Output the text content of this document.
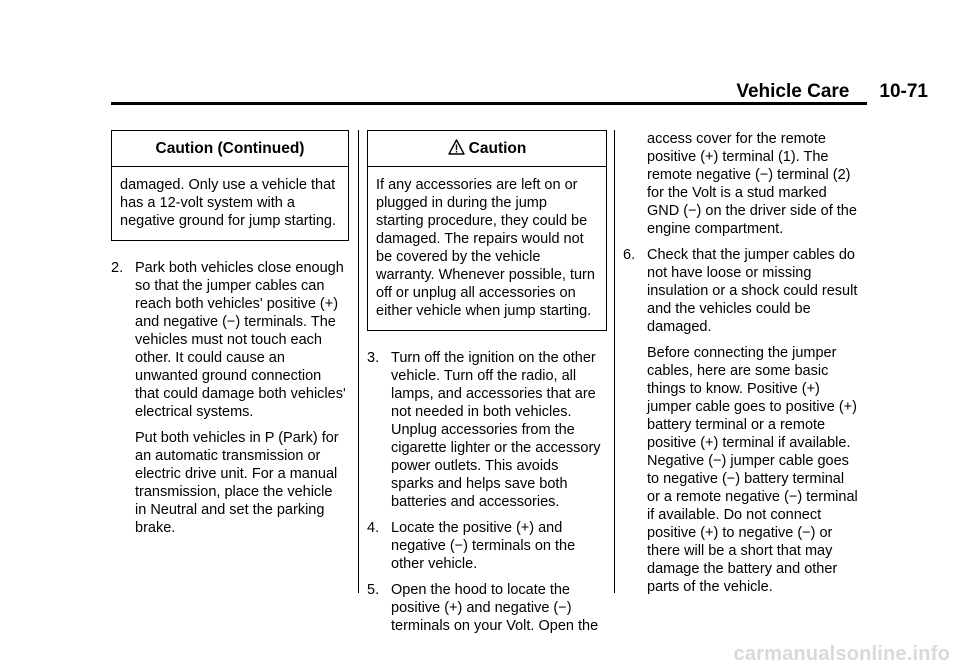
Vehicle Care 10-71
Caution (Continued)
damaged. Only use a vehicle that
has a 12-volt system with a
negative ground for jump starting.
2. Park both vehicles close enough
so that the jumper cables can
reach both vehicles' positive (+)
and negative (−) terminals. The
vehicles must not touch each
other. It could cause an
unwanted ground connection
that could damage both vehicles'
electrical systems.
Put both vehicles in P (Park) for
an automatic transmission or
electric drive unit. For a manual
transmission, place the vehicle
in Neutral and set the parking
brake.
Caution
If any accessories are left on or
plugged in during the jump
starting procedure, they could be
damaged. The repairs would not
be covered by the vehicle
warranty. Whenever possible, turn
off or unplug all accessories on
either vehicle when jump starting.
3. Turn off the ignition on the other
vehicle. Turn off the radio, all
lamps, and accessories that are
not needed in both vehicles.
Unplug accessories from the
cigarette lighter or the accessory
power outlets. This avoids
sparks and helps save both
batteries and accessories.
4. Locate the positive (+) and
negative (−) terminals on the
other vehicle.
5. Open the hood to locate the
positive (+) and negative (−)
terminals on your Volt. Open the
access cover for the remote
positive (+) terminal (1). The
remote negative (−) terminal (2)
for the Volt is a stud marked
GND (−) on the driver side of the
engine compartment.
6. Check that the jumper cables do
not have loose or missing
insulation or a shock could result
and the vehicles could be
damaged.
Before connecting the jumper
cables, here are some basic
things to know. Positive (+)
jumper cable goes to positive (+)
battery terminal or a remote
positive (+) terminal if available.
Negative (−) jumper cable goes
to negative (−) battery terminal
or a remote negative (−) terminal
if available. Do not connect
positive (+) to negative (−) or
there will be a short that may
damage the battery and other
parts of the vehicle.
carmanualsonline.info
